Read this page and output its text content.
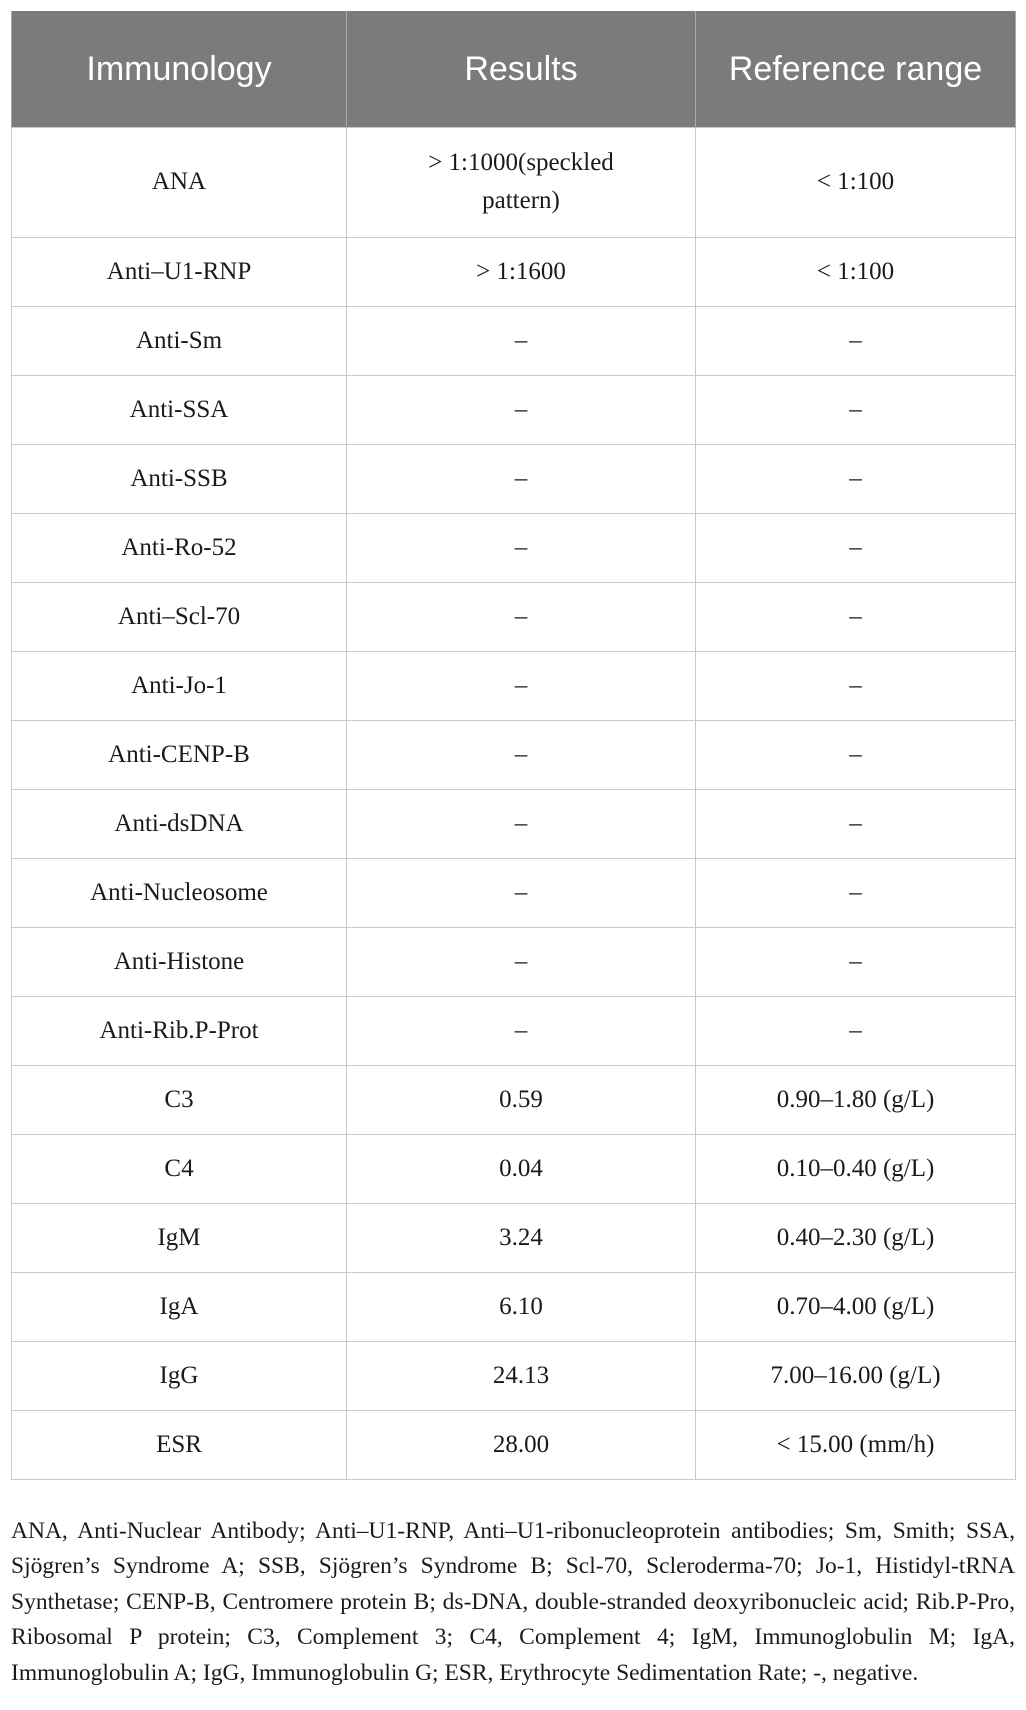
Immunology	Results	Reference range
ANA	> 1:1000(speckled pattern)	< 1:100
Anti–U1-RNP	> 1:1600	< 1:100
Anti-Sm	–	–
Anti-SSA	–	–
Anti-SSB	–	–
Anti-Ro-52	–	–
Anti–Scl-70	–	–
Anti-Jo-1	–	–
Anti-CENP-B	–	–
Anti-dsDNA	–	–
Anti-Nucleosome	–	–
Anti-Histone	–	–
Anti-Rib.P-Prot	–	–
C3	0.59	0.90–1.80 (g/L)
C4	0.04	0.10–0.40 (g/L)
IgM	3.24	0.40–2.30 (g/L)
IgA	6.10	0.70–4.00 (g/L)
IgG	24.13	7.00–16.00 (g/L)
ESR	28.00	< 15.00 (mm/h)

ANA, Anti-Nuclear Antibody; Anti–U1-RNP, Anti–U1-ribonucleoprotein antibodies; Sm, Smith; SSA, Sjögren’s Syndrome A; SSB, Sjögren’s Syndrome B; Scl-70, Scleroderma-70; Jo-1, Histidyl-tRNA Synthetase; CENP-B, Centromere protein B; ds-DNA, double-stranded deoxyribonucleic acid; Rib.P-Pro, Ribosomal P protein; C3, Complement 3; C4, Complement 4; IgM, Immunoglobulin M; IgA, Immunoglobulin A; IgG, Immunoglobulin G; ESR, Erythrocyte Sedimentation Rate; -, negative.
